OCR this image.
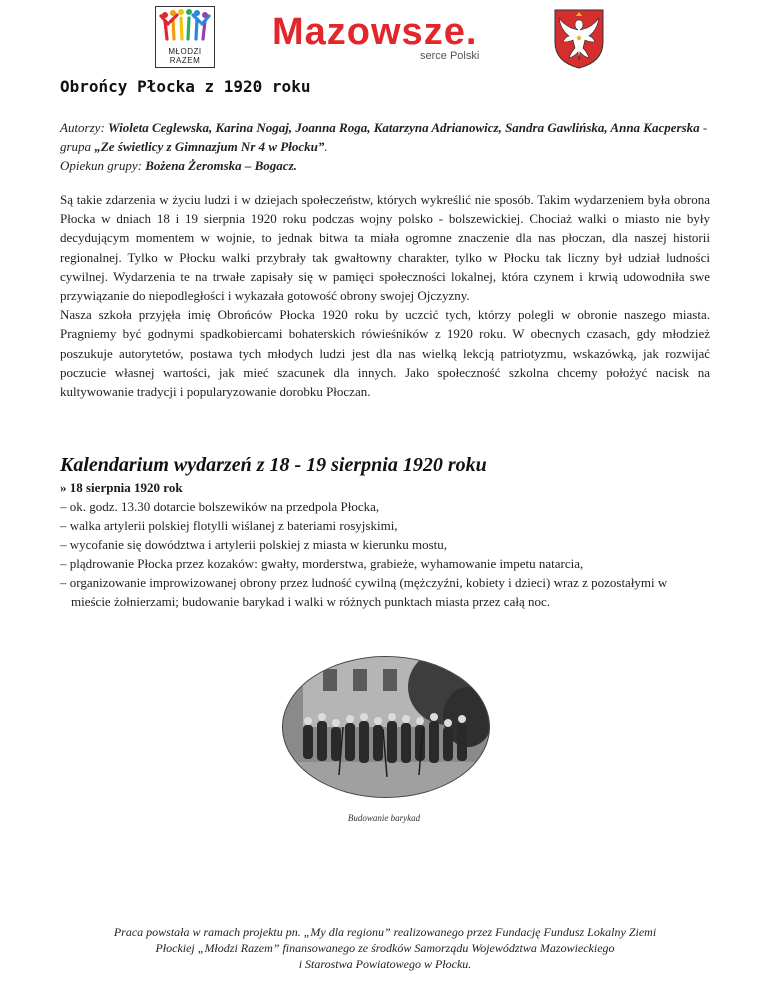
MŁODZI
RAZEM
Mazowsze.
serce Polski
Obrońcy Płocka z 1920 roku
Autorzy: Wioleta Ceglewska, Karina Nogaj, Joanna Roga, Katarzyna Adrianowicz, Sandra Gawlińska, Anna Kacperska - grupa „Ze świetlicy z Gimnazjum Nr 4 w Płocku”.
Opiekun grupy: Bożena Żeromska – Bogacz.

Są takie zdarzenia w życiu ludzi i w dziejach społeczeństw, których wykreślić nie sposób. Takim wydarzeniem była obrona Płocka w dniach 18 i 19 sierpnia 1920 roku podczas wojny polsko - bolszewickiej. Chociaż walki o miasto nie były decydującym momentem w wojnie, to jednak bitwa ta miała ogromne znaczenie dla nas płoczan, dla naszej historii regionalnej. Tylko w Płocku walki przybrały tak gwałtowny charakter, tylko w Płocku tak liczny był udział ludności cywilnej. Wydarzenia te na trwałe zapisały się w pamięci społeczności lokalnej, która czynem i krwią udowodniła swe przywiązanie do niepodległości i wykazała gotowość obrony swojej Ojczyzny.

Nasza szkoła przyjęła imię Obrońców Płocka 1920 roku by uczcić tych, którzy polegli w obronie naszego miasta. Pragniemy być godnymi spadkobiercami bohaterskich rówieśników z 1920 roku. W obecnych czasach, gdy młodzież poszukuje autorytetów, postawa tych młodych ludzi jest dla nas wielką lekcją patriotyzmu, wskazówką, jak rozwijać poczucie własnej wartości, jak mieć szacunek dla innych. Jako społeczność szkolna chcemy położyć nacisk na kultywowanie tradycji i popularyzowanie dorobku Płoczan.

Kalendarium wydarzeń z 18 - 19 sierpnia 1920 roku
» 18 sierpnia 1920 rok
– ok. godz. 13.30 dotarcie bolszewików na przedpola Płocka,
– walka artylerii polskiej flotylli wiślanej z bateriami rosyjskimi,
– wycofanie się dowództwa i artylerii polskiej z miasta w kierunku mostu,
– plądrowanie Płocka przez kozaków: gwałty, morderstwa, grabieże, wyhamowanie impetu natarcia,
– organizowanie improwizowanej obrony przez ludność cywilną (mężczyźni, kobiety i dzieci) wraz z pozostałymi w mieście żołnierzami; budowanie barykad i walki w różnych punktach miasta przez całą noc.
Budowanie barykad
Praca powstała w ramach projektu pn. „My dla regionu” realizowanego przez Fundację Fundusz Lokalny Ziemi
Płockiej „Młodzi Razem” finansowanego ze środków Samorządu Województwa Mazowieckiego
i Starostwa Powiatowego w Płocku.
